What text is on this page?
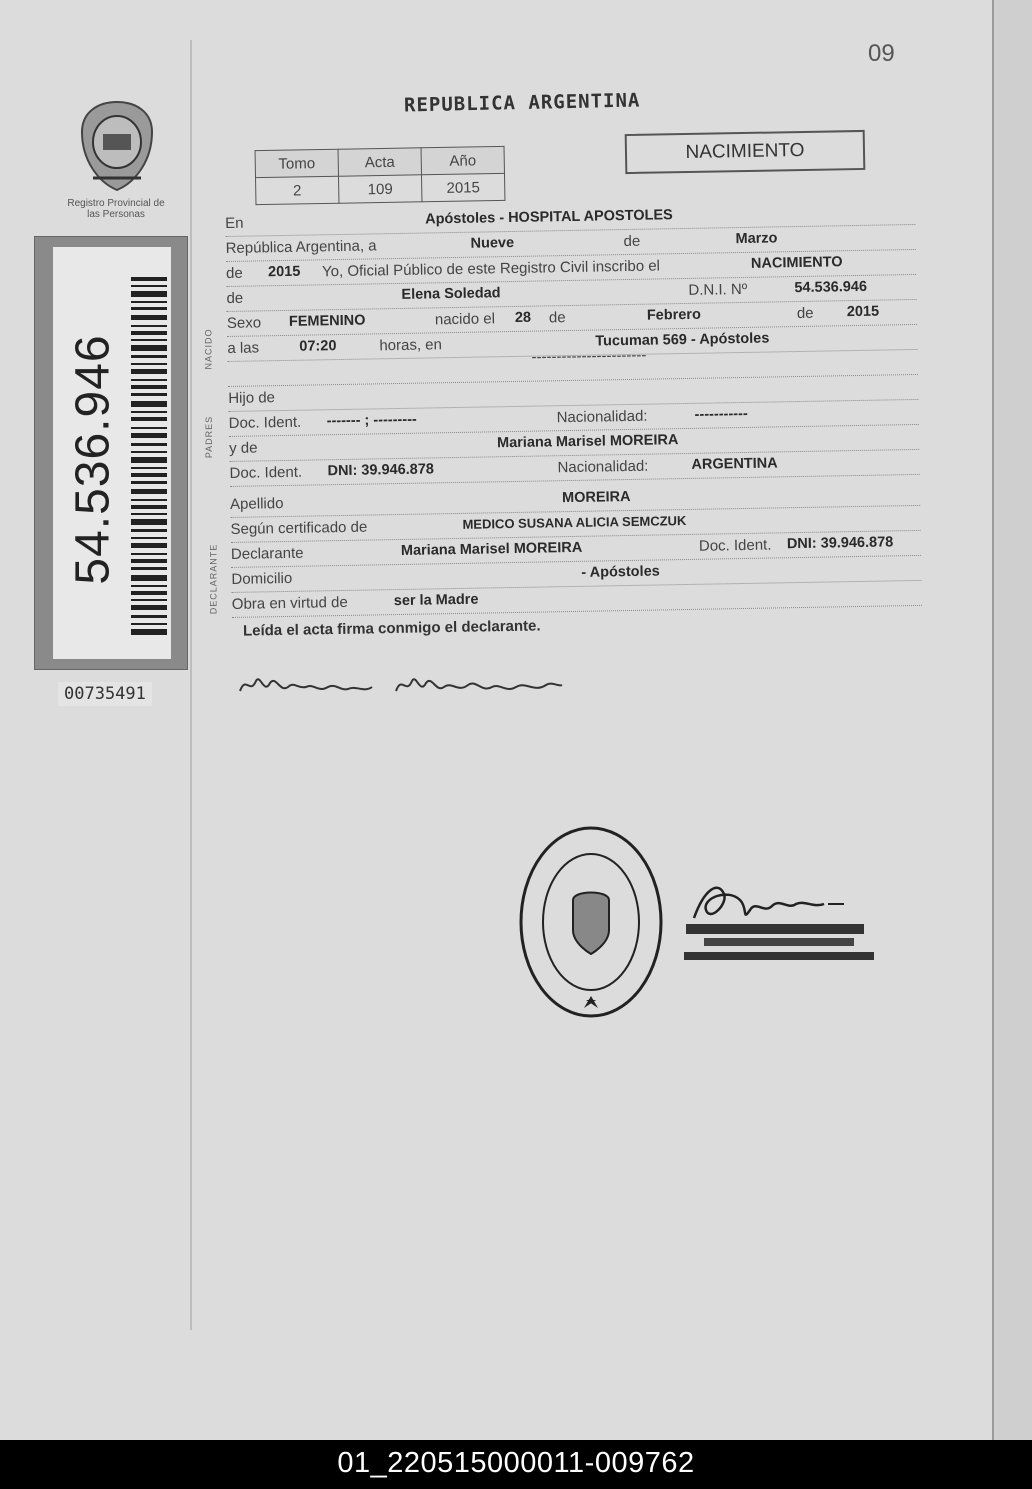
09
Registro Provincial de las Personas
54.536.946
00735491
REPUBLICA ARGENTINA
Tomo	Acta	Año
2	109	2015
NACIMIENTO
NACIDO
PADRES
DECLARANTE
En	Apóstoles - HOSPITAL APOSTOLES
República Argentina, a	Nueve	de	Marzo
de 2015 Yo, Oficial Público de este Registro Civil inscribo el	NACIMIENTO
de	Elena Soledad	D.N.I. Nº	54.536.946
Sexo FEMENINO	nacido el 28 de	Febrero	de 2015
a las	07:20	horas, en	Tucuman 569 - Apóstoles
-----------------------
Hijo de
Doc. Ident. ------- ; ---------	Nacionalidad:	-----------
y de	Mariana Marisel MOREIRA
Doc. Ident. DNI: 39.946.878	Nacionalidad:	ARGENTINA
Apellido	MOREIRA
Según certificado de	MEDICO SUSANA ALICIA SEMCZUK
Declarante	Mariana Marisel MOREIRA	Doc. Ident. DNI: 39.946.878
Domicilio	- Apóstoles
Obra en virtud de	ser la Madre
Leída el acta firma conmigo el declarante.
01_220515000011-009762
